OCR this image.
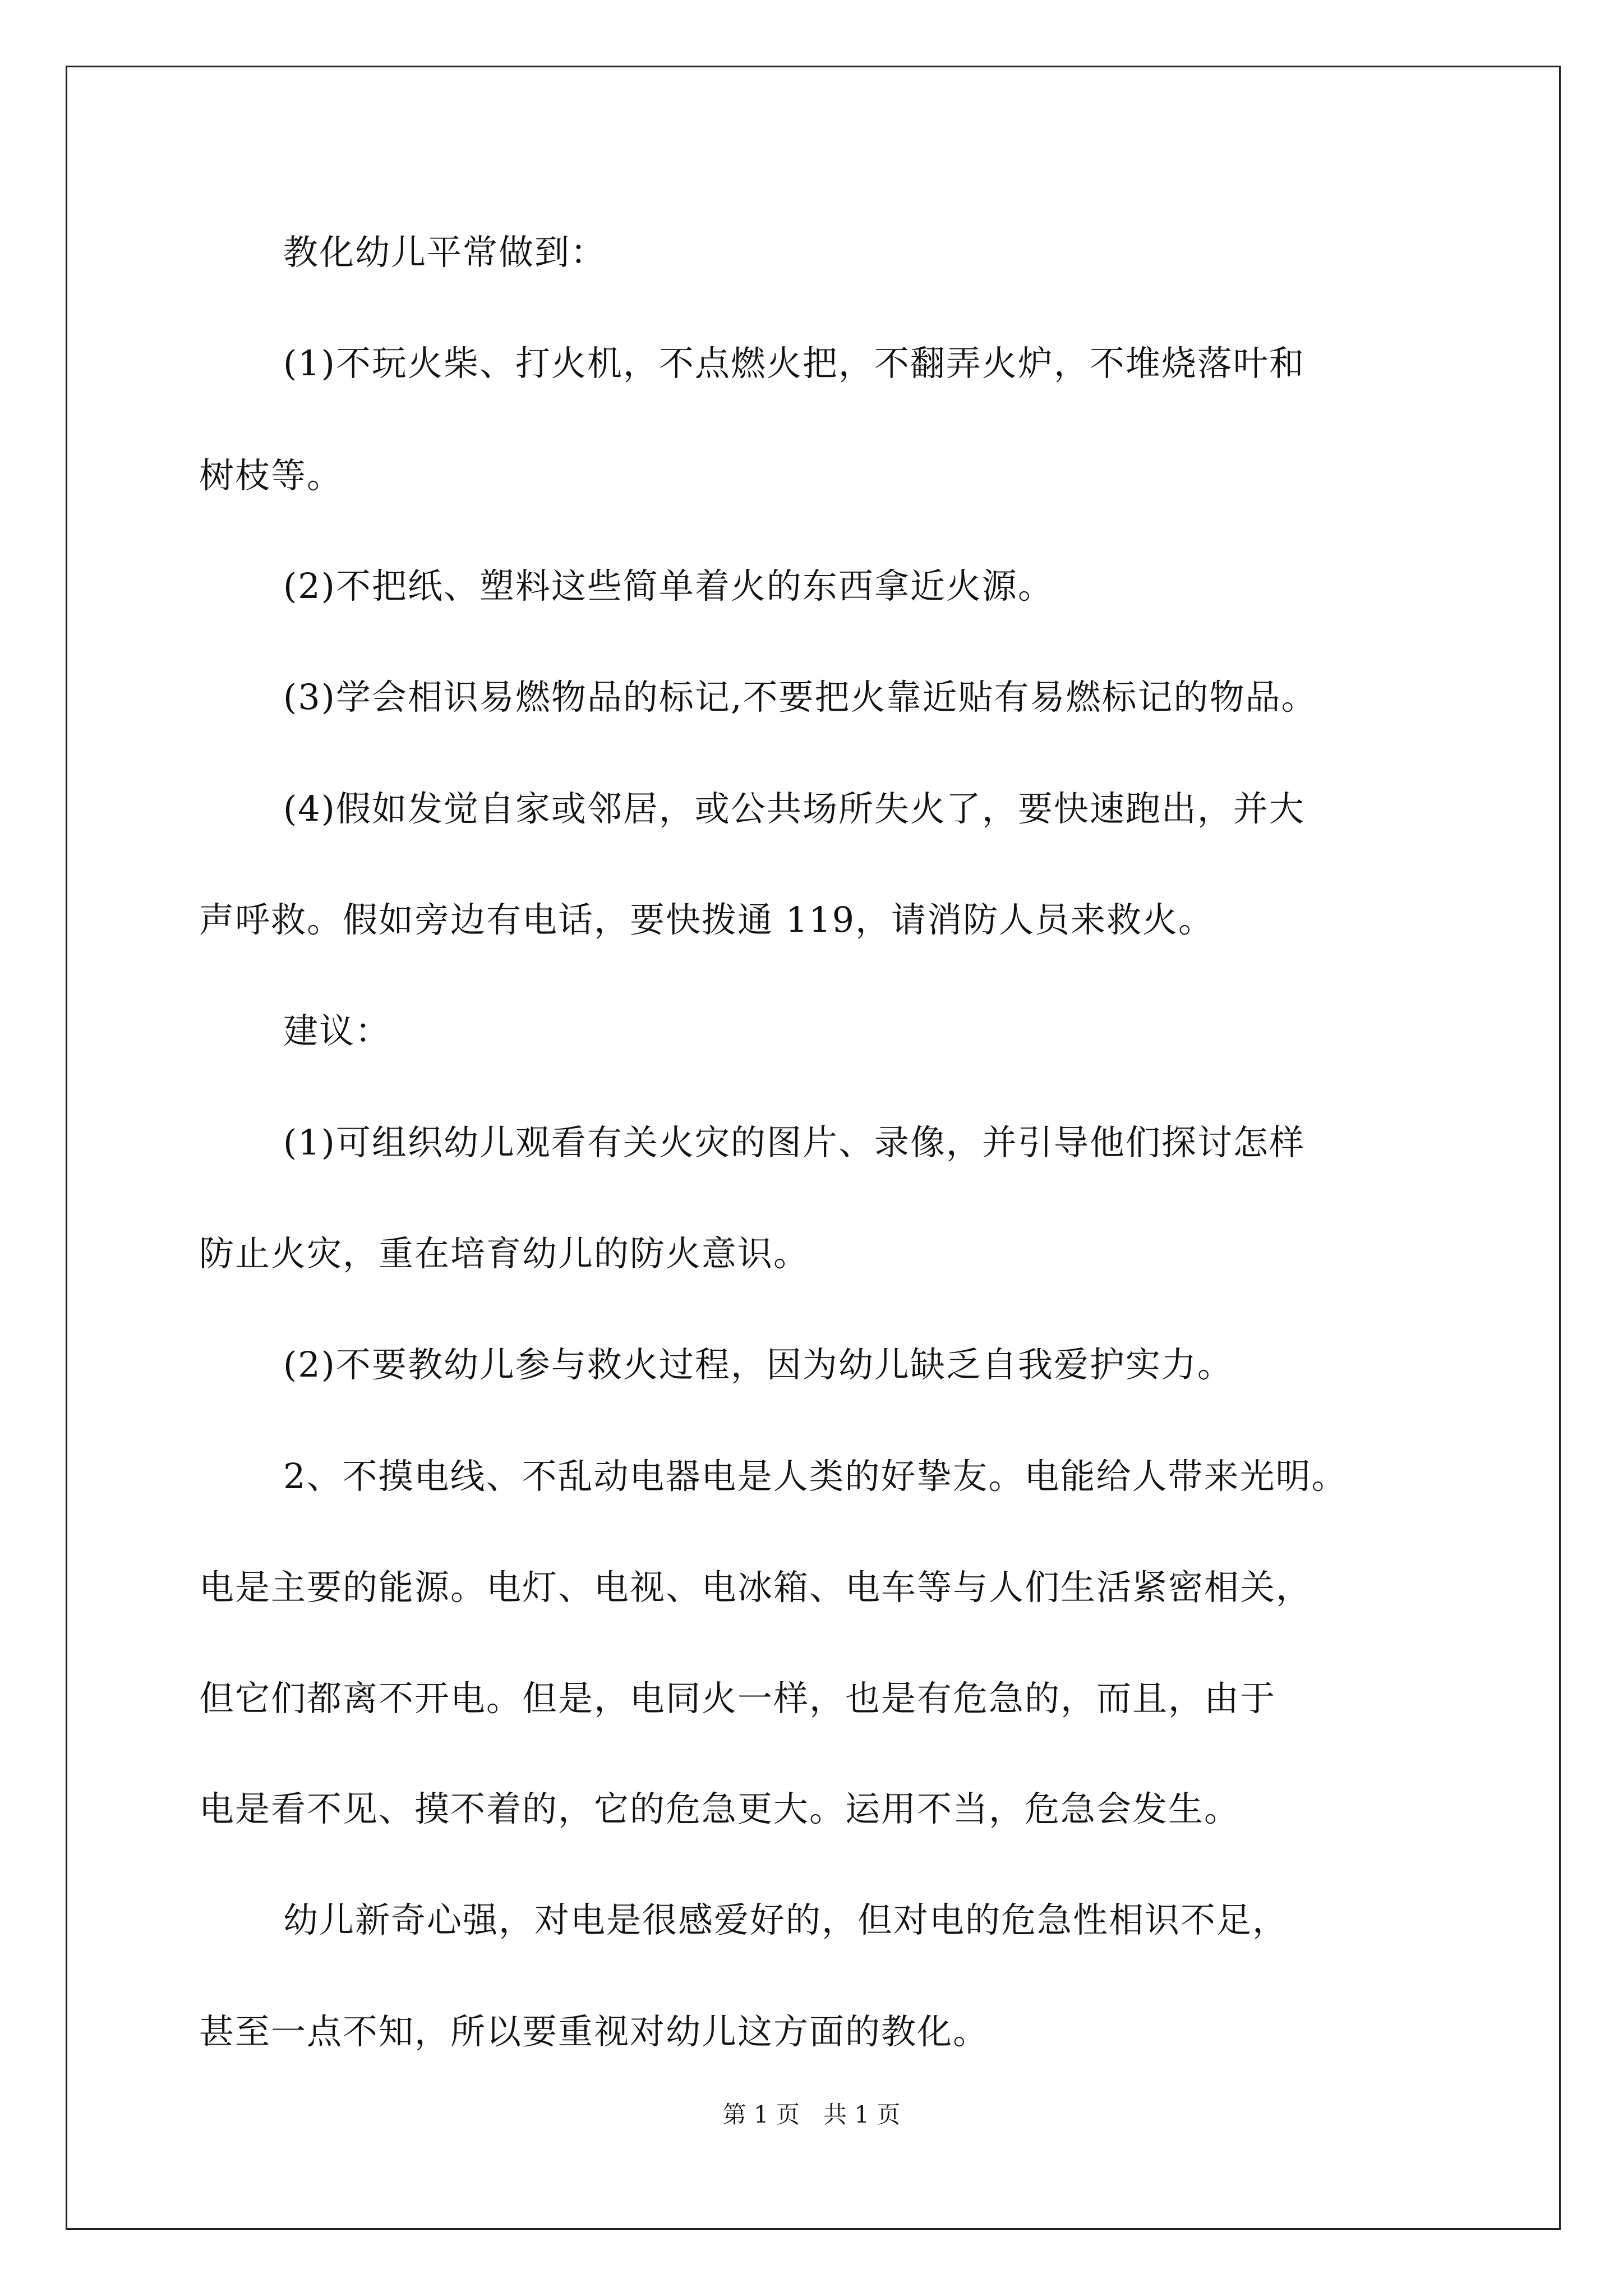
教化幼儿平常做到：
(1)不玩火柴、打火机，不点燃火把，不翻弄火炉，不堆烧落叶和
树枝等。
(2)不把纸、塑料这些简单着火的东西拿近火源。
(3)学会相识易燃物品的标记,不要把火靠近贴有易燃标记的物品。
(4)假如发觉自家或邻居，或公共场所失火了，要快速跑出，并大
声呼救。假如旁边有电话，要快拨通 119，请消防人员来救火。
建议：
(1)可组织幼儿观看有关火灾的图片、录像，并引导他们探讨怎样
防止火灾，重在培育幼儿的防火意识。
(2)不要教幼儿参与救火过程，因为幼儿缺乏自我爱护实力。
2、不摸电线、不乱动电器电是人类的好挚友。电能给人带来光明。
电是主要的能源。电灯、电视、电冰箱、电车等与人们生活紧密相关，
但它们都离不开电。但是，电同火一样，也是有危急的，而且，由于
电是看不见、摸不着的，它的危急更大。运用不当，危急会发生。
幼儿新奇心强，对电是很感爱好的，但对电的危急性相识不足，
甚至一点不知，所以要重视对幼儿这方面的教化。
第 1 页　共 1 页
